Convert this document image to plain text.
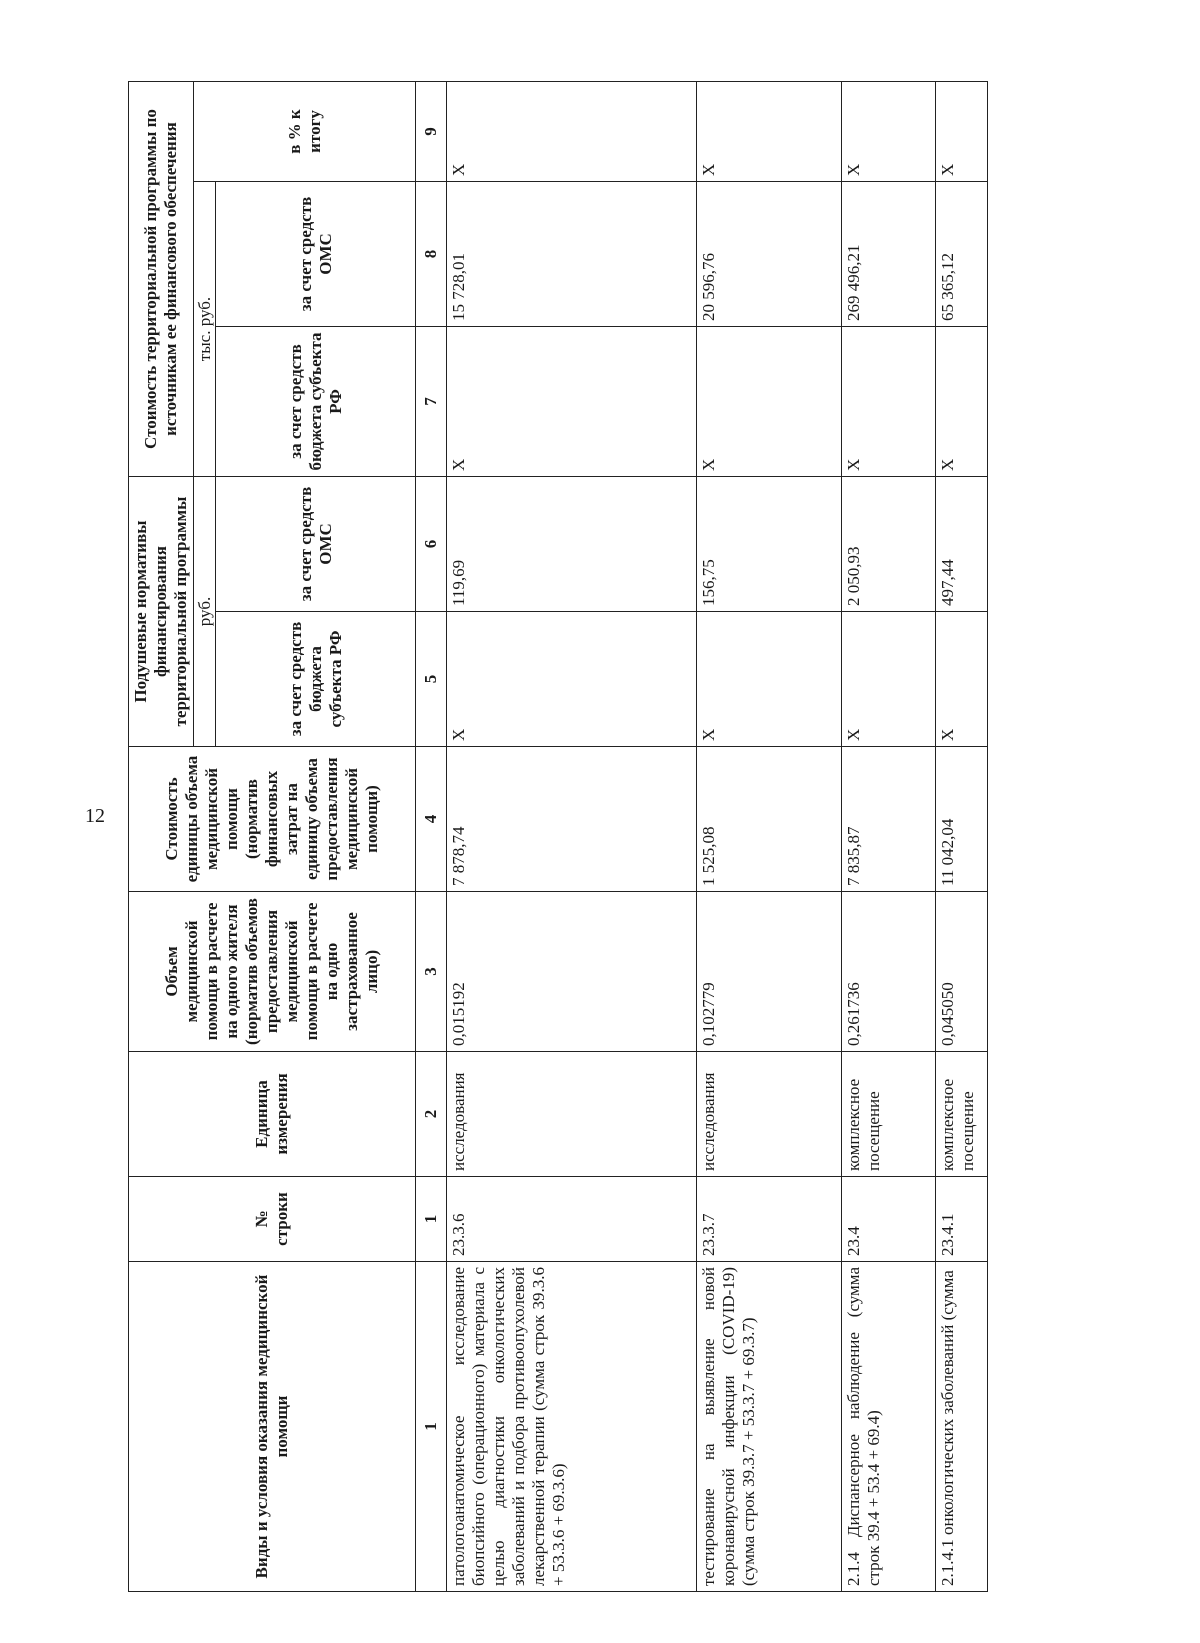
12
Виды и условия оказания медицинской помощи	№ строки	Единица измерения	Объем медицинской помощи в расчете на одного жителя (норматив объемов предоставления медицинской помощи в расчете на одно застрахованное лицо)	Стоимость единицы объема медицинской помощи (норматив финансовых затрат на единицу объема предоставления медицинской помощи)	Подушевые нормативы финансирования территориальной программы		Стоимость территориальной программы по источникам ее финансового обеспечения		
					руб.		тыс. руб.		в % к итогу
					за счет средств бюджета субъекта РФ	за счет средств ОМС	за счет средств бюджета субъекта РФ	за счет средств ОМС	
1	1	2	3	4	5	6	7	8	9
патологоанатомическое исследование биопсийного (операционного) материала с целью диагностики онкологических заболеваний и подбора противоопухолевой лекарственной терапии (сумма строк 39.3.6 + 53.3.6 + 69.3.6)	23.3.6	исследования	0,015192	7 878,74	X	119,69	X	15 728,01	X
тестирование на выявление новой коронавирусной инфекции (COVID-19) (сумма строк 39.3.7 + 53.3.7 + 69.3.7)	23.3.7	исследования	0,102779	1 525,08	X	156,75	X	20 596,76	X
2.1.4 Диспансерное наблюдение (сумма строк 39.4 + 53.4 + 69.4)	23.4	комплексное посещение	0,261736	7 835,87	X	2 050,93	X	269 496,21	X
2.1.4.1 онкологических заболеваний (сумма	23.4.1	комплексное посещение	0,045050	11 042,04	X	497,44	X	65 365,12	X
